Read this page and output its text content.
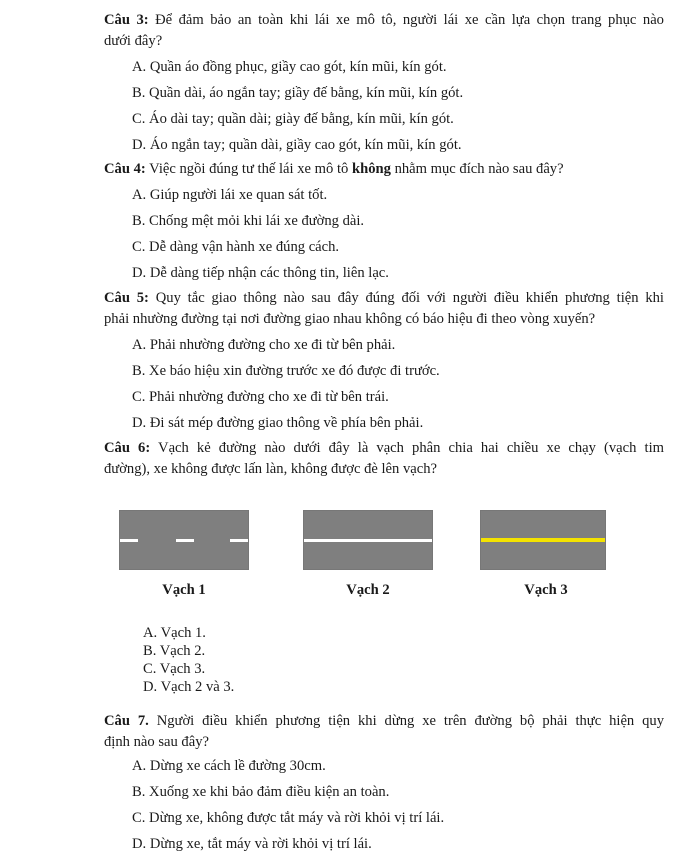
Câu 3: Để đảm bảo an toàn khi lái xe mô tô, người lái xe cần lựa chọn trang phục nào
dưới đây?
A. Quần áo đồng phục, giầy cao gót, kín mũi, kín gót.
B. Quần dài, áo ngắn tay; giầy đế bằng, kín mũi, kín gót.
C. Áo dài tay; quần dài; giày đế bằng, kín mũi, kín gót.
D. Áo ngắn tay; quần dài, giầy cao gót, kín mũi, kín gót.
Câu 4: Việc ngồi đúng tư thế lái xe mô tô không nhằm mục đích nào sau đây?
A. Giúp người lái xe quan sát tốt.
B. Chống mệt mỏi khi lái xe đường dài.
C. Dễ dàng vận hành xe đúng cách.
D. Dễ dàng tiếp nhận các thông tin, liên lạc.
Câu 5: Quy tắc giao thông nào sau đây đúng đối với người điều khiển phương tiện khi
phải nhường đường tại nơi đường giao nhau không có báo hiệu đi theo vòng xuyến?
A. Phải nhường đường cho xe đi từ bên phải.
B. Xe báo hiệu xin đường trước xe đó được đi trước.
C. Phải nhường đường cho xe đi từ bên trái.
D. Đi sát mép đường giao thông về phía bên phải.
Câu 6: Vạch kẻ đường nào dưới đây là vạch phân chia hai chiều xe chạy (vạch tim
đường), xe không được lấn làn, không được đè lên vạch?
Vạch 1	Vạch 2	Vạch 3
A. Vạch 1.
B. Vạch 2.
C. Vạch 3.
D. Vạch 2 và 3.
Câu 7. Người điều khiển phương tiện khi dừng xe trên đường bộ phải thực hiện quy
định nào sau đây?
A. Dừng xe cách lề đường 30cm.
B. Xuống xe khi bảo đảm điều kiện an toàn.
C. Dừng xe, không được tắt máy và rời khỏi vị trí lái.
D. Dừng xe, tắt máy và rời khỏi vị trí lái.
